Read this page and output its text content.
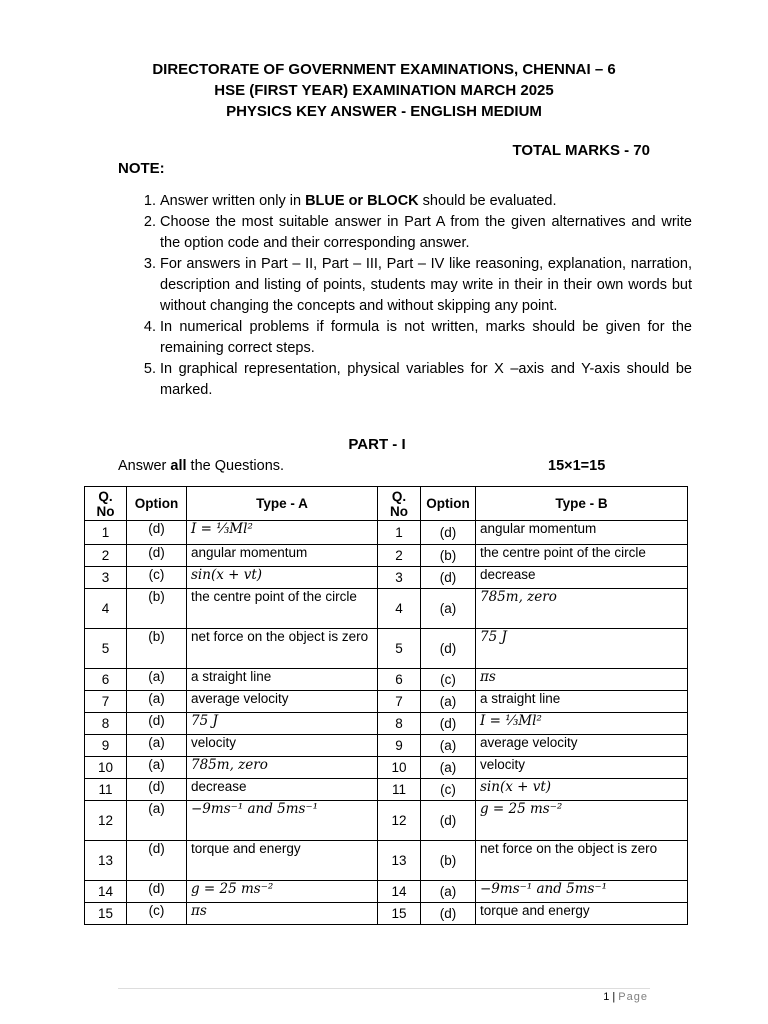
DIRECTORATE OF GOVERNMENT EXAMINATIONS, CHENNAI – 6
HSE (FIRST YEAR) EXAMINATION MARCH 2025
PHYSICS KEY ANSWER - ENGLISH MEDIUM
TOTAL MARKS - 70
NOTE:
1. Answer written only in BLUE or BLOCK should be evaluated.
2. Choose the most suitable answer in Part A from the given alternatives and write the option code and their corresponding answer.
3. For answers in Part – II, Part – III, Part – IV like reasoning, explanation, narration, description and listing of points, students may write in their in their own words but without changing the concepts and without skipping any point.
4. In numerical problems if formula is not written, marks should be given for the remaining correct steps.
5. In graphical representation, physical variables for X –axis and Y-axis should be marked.
PART - I
Answer all the Questions.	15×1=15
Q. No	Option	Type - A	Q. No	Option	Type - B
1	(d)	I = ⅓Ml²	1	(d)	angular momentum
2	(d)	angular momentum	2	(b)	the centre point of the circle
3	(c)	sin(x + vt)	3	(d)	decrease
4	(b)	the centre point of the circle	4	(a)	785m, zero
5	(b)	net force on the object is zero	5	(d)	75 J
6	(a)	a straight line	6	(c)	πs
7	(a)	average velocity	7	(a)	a straight line
8	(d)	75 J	8	(d)	I = ⅓Ml²
9	(a)	velocity	9	(a)	average velocity
10	(a)	785m, zero	10	(a)	velocity
11	(d)	decrease	11	(c)	sin(x + vt)
12	(a)	−9ms⁻¹ and 5ms⁻¹	12	(d)	g = 25 ms⁻²
13	(d)	torque and energy	13	(b)	net force on the object is zero
14	(d)	g = 25 ms⁻²	14	(a)	−9ms⁻¹ and 5ms⁻¹
15	(c)	πs	15	(d)	torque and energy
1 | Page
